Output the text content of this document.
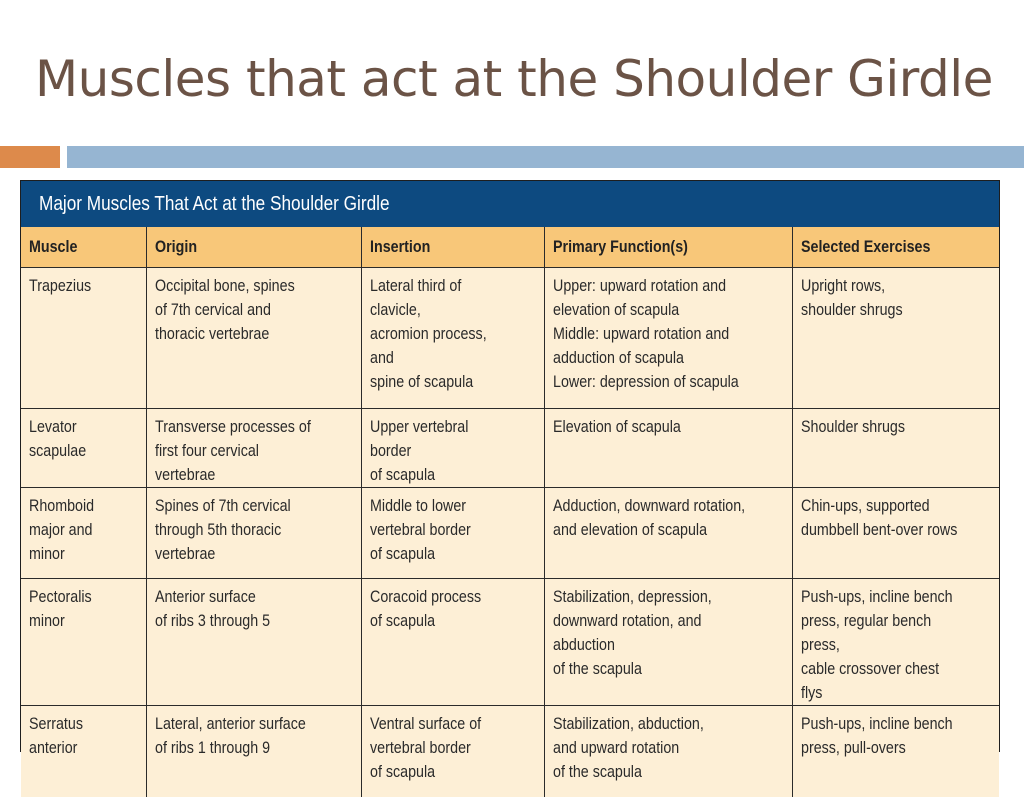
Muscles that act at the Shoulder Girdle
Major Muscles That Act at the Shoulder Girdle
Muscle	Origin	Insertion	Primary Function(s)	Selected Exercises
Trapezius	Occipital bone, spines
of 7th cervical and
thoracic vertebrae	Lateral third of clavicle,
acromion process, and
spine of scapula	Upper: upward rotation and
elevation of scapula
Middle: upward rotation and
adduction of scapula
Lower: depression of scapula	Upright rows,
shoulder shrugs
Levator
scapulae	Transverse processes of
first four cervical vertebrae	Upper vertebral border
of scapula	Elevation of scapula	Shoulder shrugs
Rhomboid
major and
minor	Spines of 7th cervical
through 5th thoracic
vertebrae	Middle to lower
vertebral border
of scapula	Adduction, downward rotation,
and elevation of scapula	Chin-ups, supported
dumbbell bent-over rows
Pectoralis
minor	Anterior surface
of ribs 3 through 5	Coracoid process
of scapula	Stabilization, depression,
downward rotation, and abduction
of the scapula	Push-ups, incline bench
press, regular bench press,
cable crossover chest flys
Serratus
anterior	Lateral, anterior surface
of ribs 1 through 9	Ventral surface of
vertebral border
of scapula	Stabilization, abduction,
and upward rotation
of the scapula	Push-ups, incline bench
press, pull-overs
